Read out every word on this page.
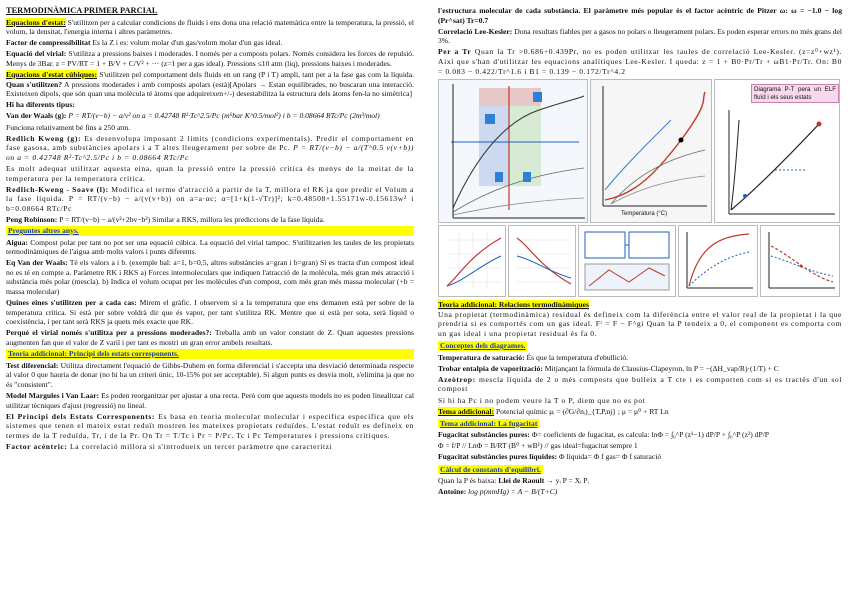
TERMODINÀMICA PRIMER PARCIAL

Equacions d'estat: S'utilitzen per a calcular condicions de fluids i ens dona una relació matemàtica entre la temperatura, la pressió, el volum, la densitat, l'energia interna i altres paràmetres.

Factor de compressibilitat Es la Z i es: volum molar d'un gas/volum molar d'un gas ideal.

Equació del virial: S'utilitza a pressions baixes i moderades. I només per a composts polars. Només considera les forces de repulsió. Menys de 3Bar. z = PV/RT = 1 + B/V + C/V² + ··· (z=1 per a gas ideal). Pressions ≤10 atm (liq), pressions baixes i moderades.

Equacions d'estat cúbiques: S'utilitzen pel comportament dels fluids en un rang (P i T) ampli, tant per a la fase gas com la líquida. Quan s'utilitzen? A pressions moderades i amb composts apolars (està)[Apolars → Estan equilibrades, no buscaran una interacció. Existeixen dipols, que són quan una molècula té àtoms que adquireixen+/-) desestabilitza la estructura dels àtoms fen-la no simètrica]

Hi ha diferents tipus:

Van der Waals (g): P = RT/(v−b) − a/v² on a = 0.42748 R²·Tc^2.5/Pc (m⁶bar K^0.5/mol²) i b = 0.08664 RTc/Pc (2m³/mol)

Funciona relativament bé fins a 250 atm.

Redlich Kweng (g): Es desenvolupa imposant 2 límits (condicions experimentals). Predir el comportament en fase gasosa, amb substàncies apolars i a T altes lleugerament per sobre de Pc. P = RT/(v−b) − a/(T^0.5 v(v+b)) on a = 0.42748 R²·Tc^2.5/Pc i b = 0.08664 RTc/Pc

Es molt adequat utilitzar aquesta eina, quan la pressió entre la pressió crítica és menys de la meitat de la temperatura per la temperatura crítica.

Redlich-Kweng - Soave (l): Modifica el terme d'atracció a partir de la T, millora el RK ja que predir el Volum a la fase líquida. P = RT/(v−b) − a/(v(v+b)) on a=a·αc; α=[1+k(1-√Tr)]²; k=0.48508+1.55171w-0.15613w² i b=0.08664 RTc/Pc

Peng Robinson: P = RT/(v−b) − a/(v²+2bv−b²) Similar a RKS, millora les prediccions de la fase líquida.

Preguntes altres anys.

Aigua: Compost polar per tant no pot ser una equació cúbica. La equació del virial tampoc. S'utilitzarien les taules de les propietats termodinàmiques de l'aigua amb molts valors i punts diferents.

Eq Van der Waals: Té els valors a i b. (exemple bal: a=1, b=0,5, altres substàncies a=gran i b=gran) Si es tracta d'un compost ideal no es té en compte a. Paràmetre RK i RKS a) Forces intermoleculars que indiquen l'atracció de la molècula, més gran més atracció i substància més polar (mescla). b) Indica el volum ocupat per les molècules d'un compost, com més gran més massa molecular (+b = massa molecular)

Quines eines s'utilitzen per a cada cas: Mirem el gràfic. I observem si a la temperatura que ens demanen està per sobre de la temperatura crítica. Si està per sobre voldrà dir que és vapor, per tant s'utilitza RK. Mentre que si està per sota, serà líquid o coexistència, i per tant serà RKS ja quets més exacte que RK.

Perquè el virial només s'utilitza per a pressions moderades?: Treballa amb un valor constant de Z. Quan aquestes pressions augmenten fan que el valor de Z variï i per tant es mostri un gran error ambels resultats.

Teoria addicional: Principi dels estats corresponents.

Test diferencial: Utilitza directament l'equació de Gibbs-Duhem en forma diferencial i s'accepta una desviació determinada respecte al valor 0 que hauria de donar (no hi ha un criteri únic, 10-15% pot ser acceptable). Si algun punts es desvia molt, s'elimina ja que no és "consistent".

Model Margules i Van Laar: Es poden reorganitzar per ajustar a una recta. Però com que aquests models no es poden linealitzar cal utilitzar tècniques d'ajust (regressió) no lineal.

El Principi dels Estats Corresponents: Es basa en teoria molecular molecular i especifica específica que els sistemes que tenen el mateix estat reduït mostren les mateixes propietats reduïdes. L'estat reduït es defineix en termes de la T reduïda, Tr, i de la Pr. On Tr = T/Tc i Pr = P/Pc. Tc i Pc Temperatures i pressions crítiques.

Factor acèntric: La correlació millora si s'introdueix un tercer paràmetre que caracteritzi

l'estructura molecular de cada substància. El paràmetre més popular és el factor acèntric de Pitzer ω: ω = −1.0 − log (Pr^sat) Tr=0.7

Correlació Lee-Kesler: Dona resultats fiables per a gasos no polars o lleugerament polars. Es poden esperar errors no més grans del 3%.

Per a Tr Quan la Tr >0.686+0.439Pr, no es poden utilitzar les taules de correlació Lee-Kesler. (z=z⁰+wz¹). Així que s'han d'utilitzar les equacions analítiques Lee-Kesler. I queda: z = 1 + B0·Pr/Tr + ωB1·Pr/Tr. On: B0 = 0.083 − 0.422/Tr^1.6 i B1 = 0.139 − 0.172/Tr^4.2

Temperatura (°C)
Diagrama P-T pera un ELF fluïd i els seus estats
Teoria addicional: Relacions termodinàmiques

Una propietat (termodinàmica) residual és defineix com la diferència entre el valor real de la propietat i la que prendria si es comportés com un gas ideal. Fʳ = F − F^gi Quan la P tendeix a 0, el component es comporta com un gas ideal i una propietat residual és fa 0.

Conceptes dels diagrames.

Temperatura de saturació: És que la temperatura d'ebullició.

Trobar entalpia de vaporització: Mitjançant la fórmula de Clausius-Clapeyron, ln P = −(ΔH_vap/R)·(1/T) + C

Azeòtrop: mescla líquida de 2 o més composts que bulleix a T cte i es comporten com si es tractés d'un sol compost

Si hi ha Pc i no podem veure la T o P, diem que no es pot

Tema addicional: Potencial químic μᵢ = (∂G/∂nᵢ)_{T,P,nj} ; μ = μ⁰ + RT Ln

Tema addicional: La fugacitat

Fugacitat substàncies pures: Φ= coeficients de fugacitat, es calcula: lnΦ = ∫₀^P (z¹−1) dP/P + ∫₀^P (z²) dP/P

Φ = f/P // LnΦ = B/RT (B⁰ + wB¹) // gas ideal=fugacitat sempre 1

Fugacitat substàncies pures líquides: Φ líquida= Φ f gas= Φ f saturació

Càlcul de constants d'equilibri.

Quan la P és baixa: Llei de Raoult → yᵢ P = Xᵢ Pᵢ

Antoine: log p(mmHg) = A − B/(T+C)
